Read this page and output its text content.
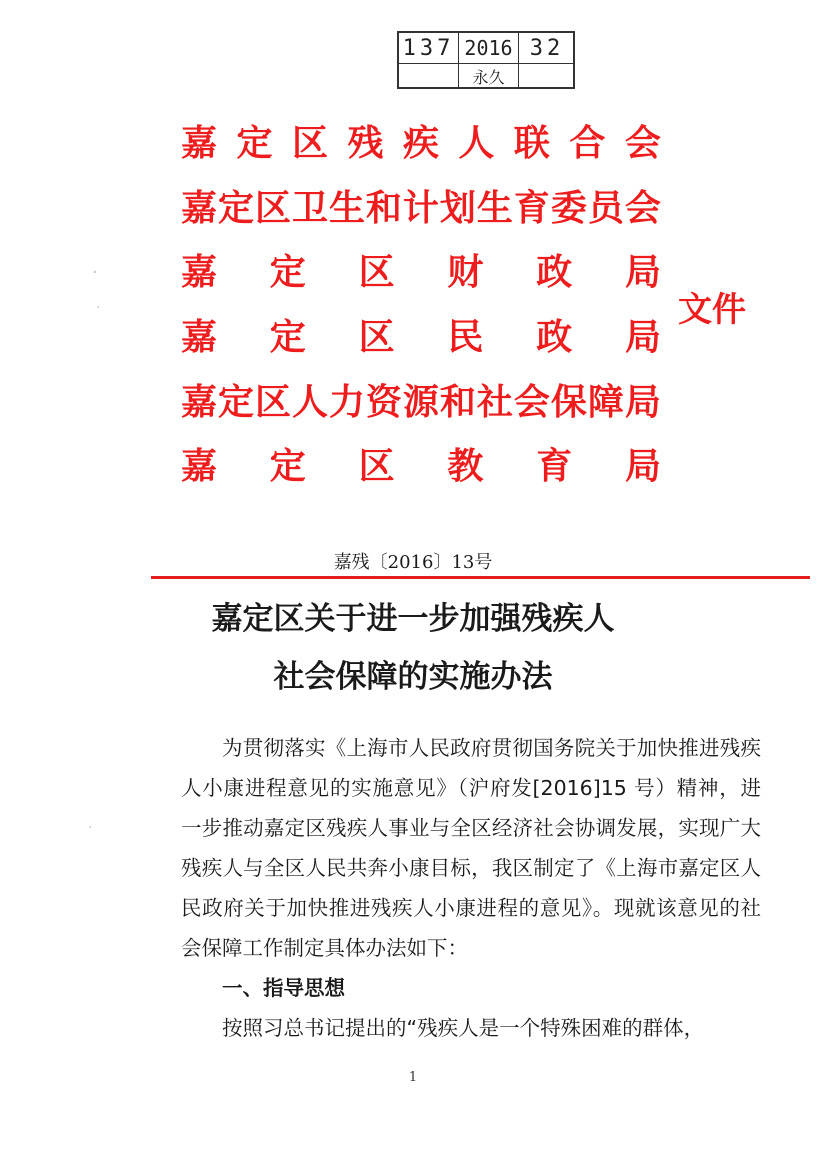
137 2016 32
永久
嘉 定 区 残 疾 人 联 合 会
嘉 定 区 卫 生 和 计 划 生 育 委 员 会
嘉 定 区 财 政 局
嘉 定 区 民 政 局
嘉 定 区 人 力 资 源 和 社 会 保 障 局
嘉 定 区 教 育 局
文件
嘉残〔2016〕13号
嘉定区关于进一步加强残疾人
社会保障的实施办法

为贯彻落实《上海市人民政府贯彻国务院关于加快推进残疾人小康进程意见的实施意见》（沪府发[2016]15 号）精神，进一步推动嘉定区残疾人事业与全区经济社会协调发展，实现广大残疾人与全区人民共奔小康目标，我区制定了《上海市嘉定区人民政府关于加快推进残疾人小康进程的意见》。现就该意见的社会保障工作制定具体办法如下：

一、指导思想

按照习总书记提出的“残疾人是一个特殊困难的群体，

1
·
·
·
